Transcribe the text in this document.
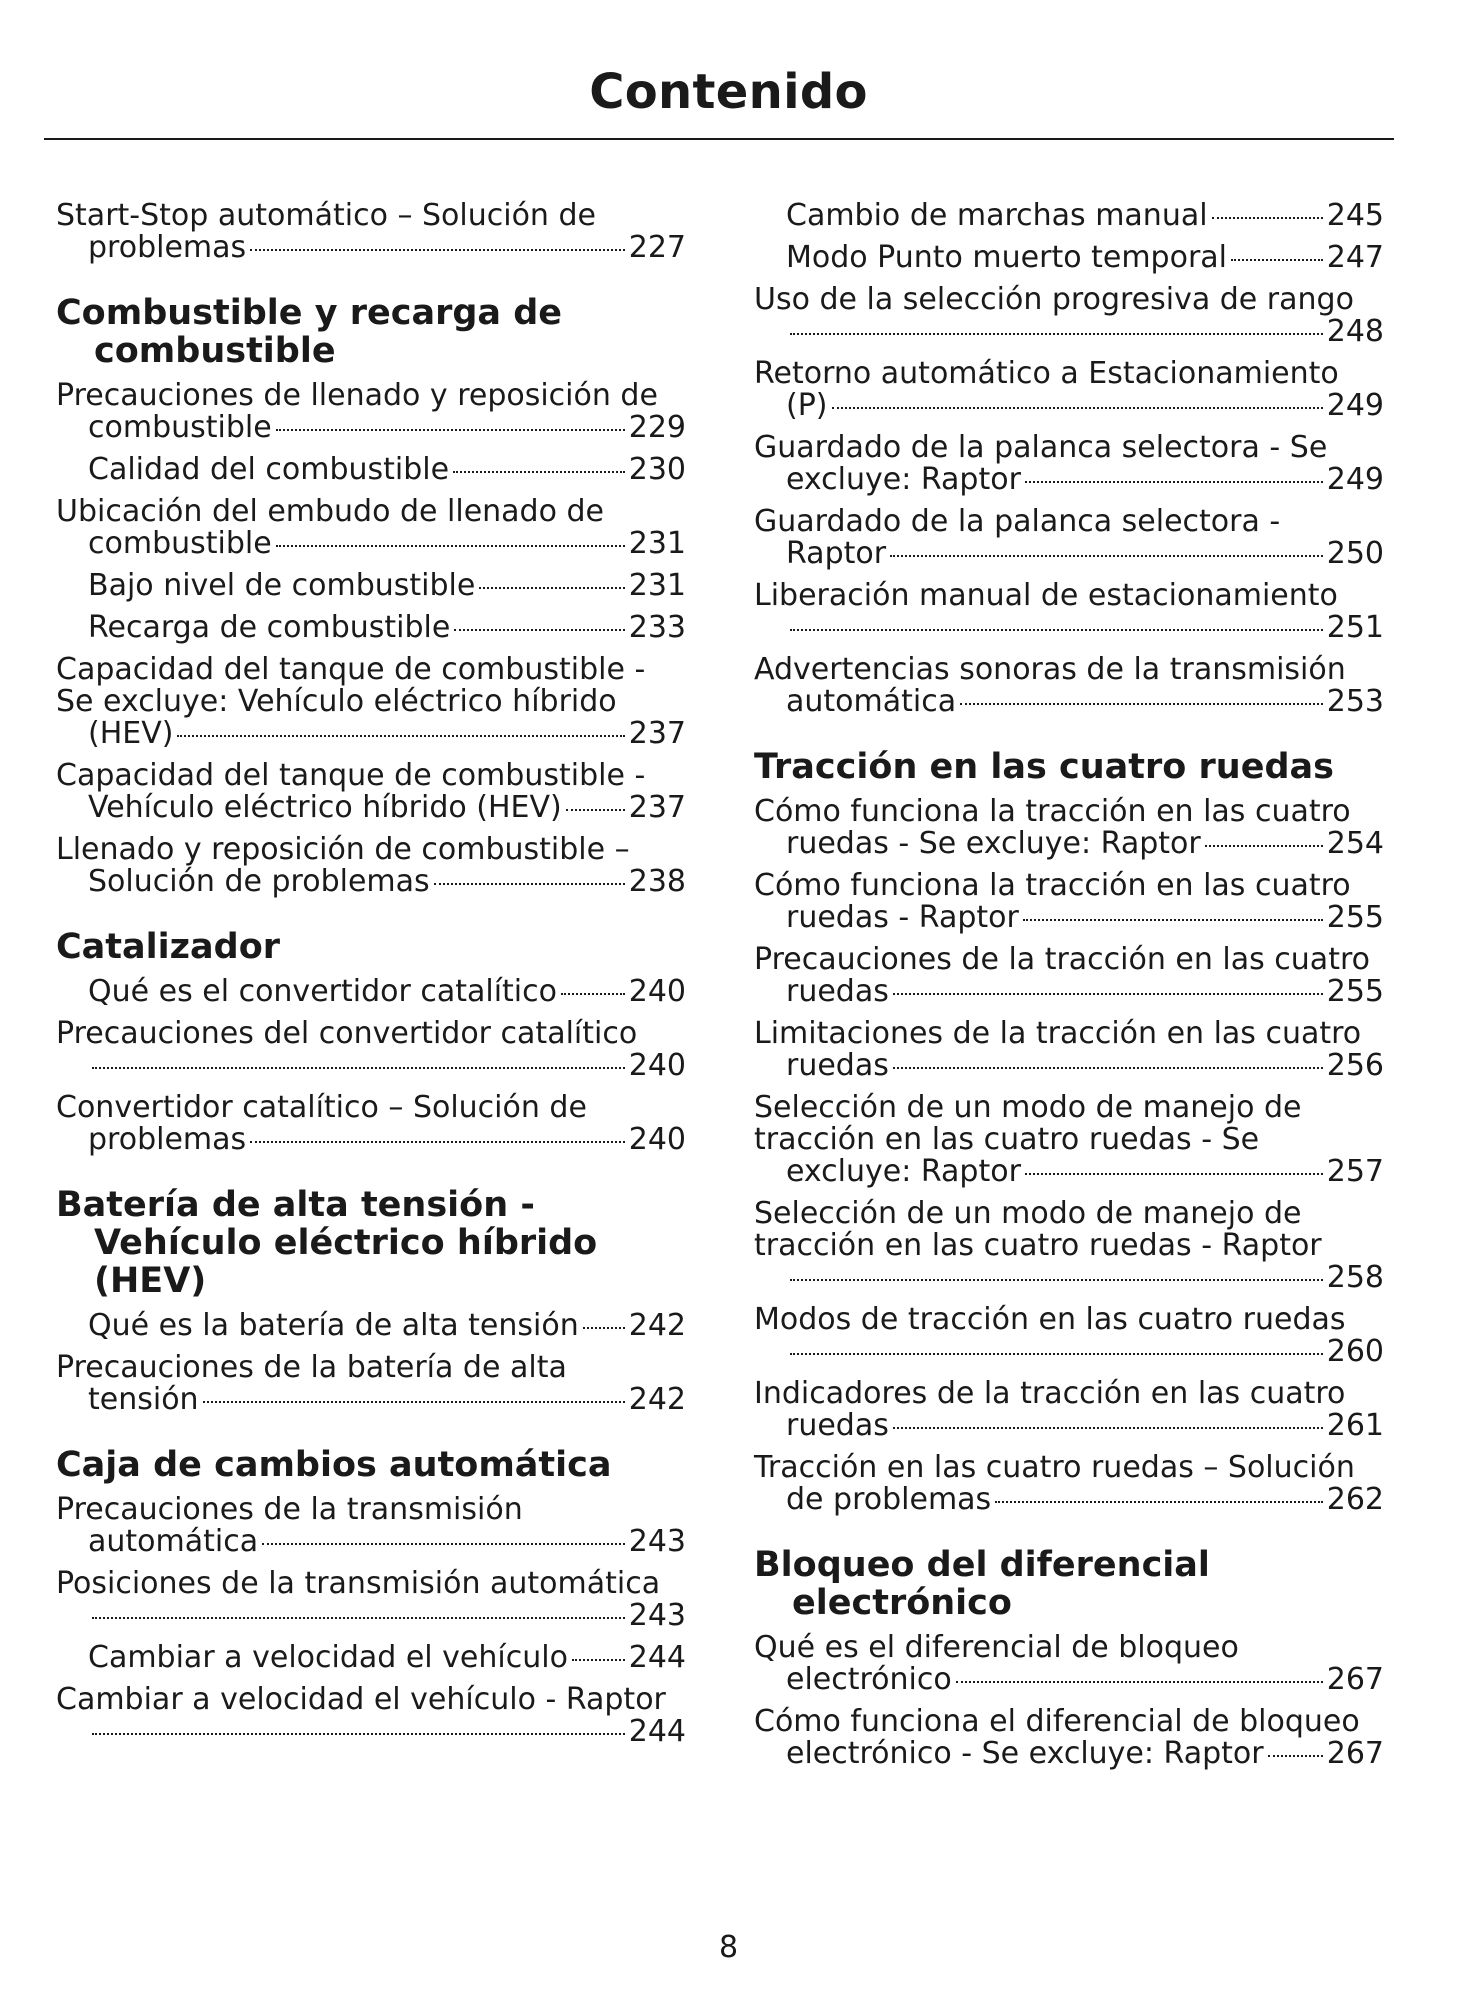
Contenido
Start-Stop automático – Solución de
problemas	227
Combustible y recarga de combustible
Precauciones de llenado y reposición de
combustible	229
Calidad del combustible	230
Ubicación del embudo de llenado de
combustible	231
Bajo nivel de combustible	231
Recarga de combustible	233
Capacidad del tanque de combustible -
Se excluye: Vehículo eléctrico híbrido
(HEV)	237
Capacidad del tanque de combustible -
Vehículo eléctrico híbrido (HEV) 237
Llenado y reposición de combustible –
Solución de problemas	238
Catalizador
Qué es el convertidor catalítico 240
Precauciones del convertidor catalítico
240
Convertidor catalítico – Solución de
problemas	240
Batería de alta tensión - Vehículo eléctrico híbrido (HEV)
Qué es la batería de alta tensión 242
Precauciones de la batería de alta
tensión	242
Caja de cambios automática
Precauciones de la transmisión
automática	243
Posiciones de la transmisión automática
243
Cambiar a velocidad el vehículo 244
Cambiar a velocidad el vehículo - Raptor
244
Cambio de marchas manual	245
Modo Punto muerto temporal	247
Uso de la selección progresiva de rango
248
Retorno automático a Estacionamiento
(P)	249
Guardado de la palanca selectora - Se
excluye: Raptor	249
Guardado de la palanca selectora -
Raptor	250
Liberación manual de estacionamiento
251
Advertencias sonoras de la transmisión
automática	253
Tracción en las cuatro ruedas
Cómo funciona la tracción en las cuatro
ruedas - Se excluye: Raptor	254
Cómo funciona la tracción en las cuatro
ruedas - Raptor	255
Precauciones de la tracción en las cuatro
ruedas	255
Limitaciones de la tracción en las cuatro
ruedas	256
Selección de un modo de manejo de
tracción en las cuatro ruedas - Se
excluye: Raptor	257
Selección de un modo de manejo de
tracción en las cuatro ruedas - Raptor
258
Modos de tracción en las cuatro ruedas
260
Indicadores de la tracción en las cuatro
ruedas	261
Tracción en las cuatro ruedas – Solución
de problemas	262
Bloqueo del diferencial electrónico
Qué es el diferencial de bloqueo
electrónico	267
Cómo funciona el diferencial de bloqueo
electrónico - Se excluye: Raptor 267
8
